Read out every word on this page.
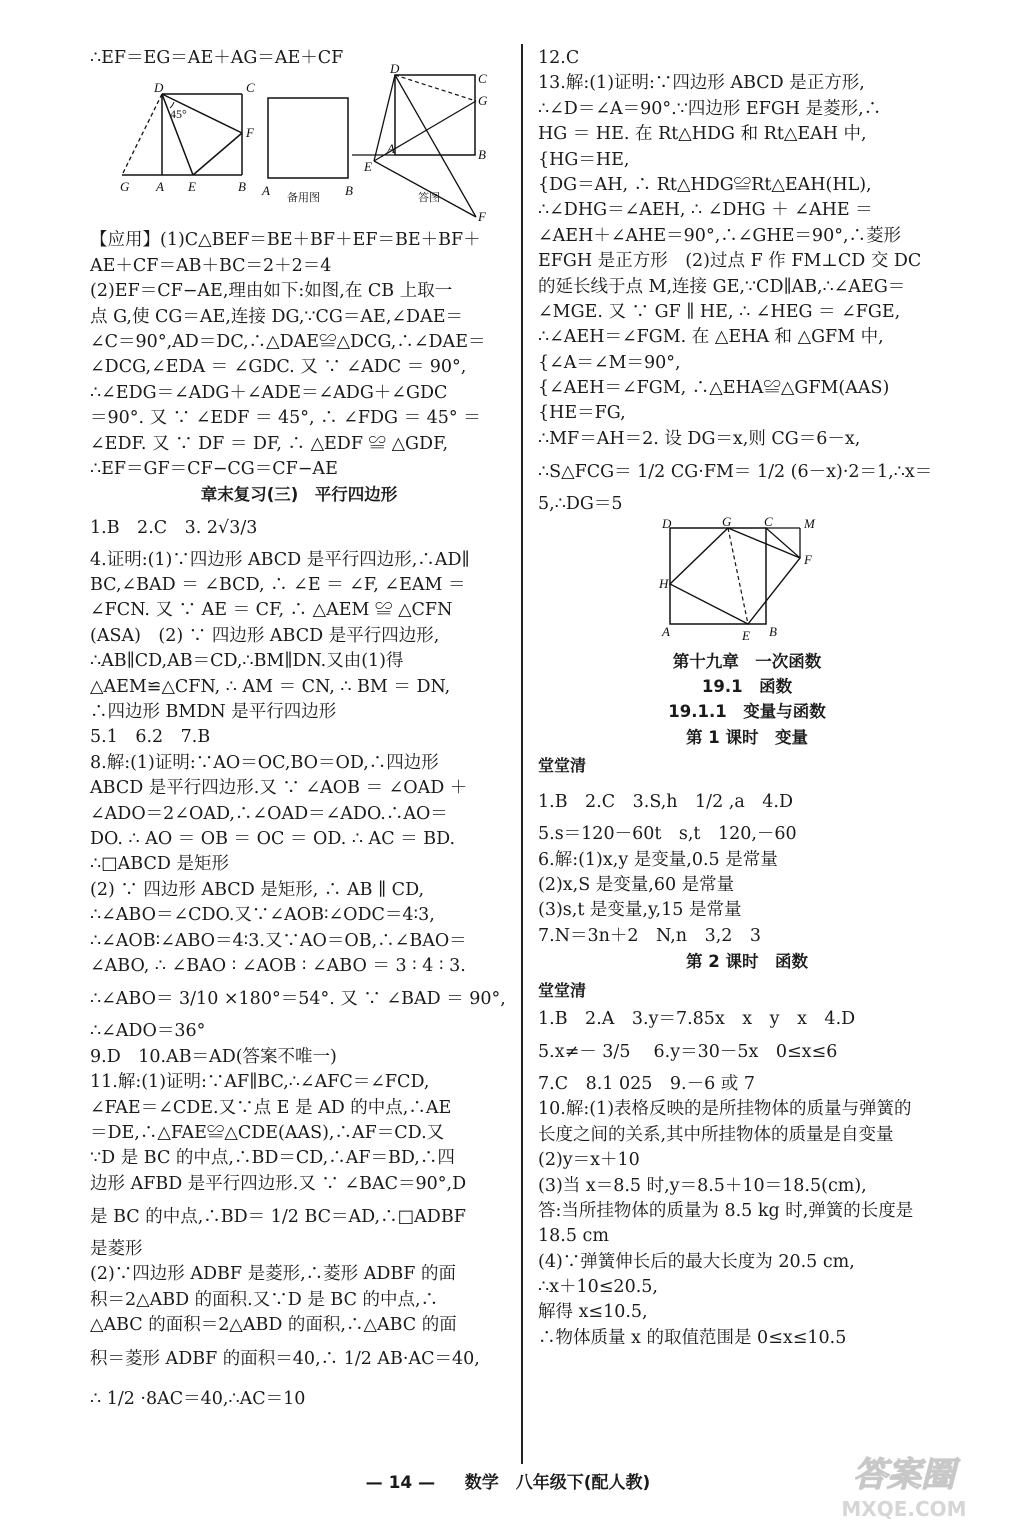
∴EF＝EG＝AE＋AG＝AE＋CF
D	C
F
G A E	B
45°
A	B
备用图
D
C
G
A	B
E
F
答图
【应用】(1)C△BEF＝BE＋BF＋EF＝BE＋BF＋
AE＋CF＝AB＋BC＝2＋2＝4
(2)EF＝CF−AE,理由如下:如图,在 CB 上取一
点 G,使 CG＝AE,连接 DG,∵CG＝AE,∠DAE＝
∠C＝90°,AD＝DC,∴△DAE≌△DCG,∴∠DAE＝
∠DCG,∠EDA ＝ ∠GDC. 又 ∵ ∠ADC ＝ 90°,
∴∠EDG＝∠ADG＋∠ADE＝∠ADG＋∠GDC
＝90°. 又 ∵ ∠EDF ＝ 45°, ∴ ∠FDG ＝ 45° ＝
∠EDF. 又 ∵ DF ＝ DF, ∴ △EDF ≌ △GDF,
∴EF＝GF＝CF−CG＝CF−AE
章末复习(三)　平行四边形
1.B　2.C　3. 2√3/3
4.证明:(1)∵四边形 ABCD 是平行四边形,∴AD∥
BC,∠BAD ＝ ∠BCD, ∴ ∠E ＝ ∠F, ∠EAM ＝
∠FCN. 又 ∵ AE ＝ CF, ∴ △AEM ≌ △CFN
(ASA)　(2) ∵ 四边形 ABCD 是平行四边形,
∴AB∥CD,AB＝CD,∴BM∥DN.又由(1)得
△AEM≌△CFN, ∴ AM ＝ CN, ∴ BM ＝ DN,
∴四边形 BMDN 是平行四边形
5.1　6.2　7.B
8.解:(1)证明:∵AO＝OC,BO＝OD,∴四边形
ABCD 是平行四边形.又 ∵ ∠AOB ＝ ∠OAD ＋
∠ADO＝2∠OAD,∴∠OAD＝∠ADO.∴AO＝
DO. ∴ AO ＝ OB ＝ OC ＝ OD. ∴ AC ＝ BD.
∴□ABCD 是矩形
(2) ∵ 四边形 ABCD 是矩形, ∴ AB ∥ CD,
∴∠ABO＝∠CDO.又∵∠AOB∶∠ODC＝4∶3,
∴∠AOB∶∠ABO＝4∶3.又∵AO＝OB,∴∠BAO＝
∠ABO, ∴ ∠BAO ∶ ∠AOB ∶ ∠ABO ＝ 3 ∶ 4 ∶ 3.
∴∠ABO＝ 3/10 ×180°＝54°. 又 ∵ ∠BAD ＝ 90°,
∴∠ADO＝36°
9.D　10.AB＝AD(答案不唯一)
11.解:(1)证明:∵AF∥BC,∴∠AFC＝∠FCD,
∠FAE＝∠CDE.又∵点 E 是 AD 的中点,∴AE
＝DE,∴△FAE≌△CDE(AAS),∴AF＝CD.又
∵D 是 BC 的中点,∴BD＝CD,∴AF＝BD,∴四
边形 AFBD 是平行四边形.又 ∵ ∠BAC＝90°,D
是 BC 的中点,∴BD＝ 1/2 BC＝AD,∴□ADBF
是菱形
(2)∵四边形 ADBF 是菱形,∴菱形 ADBF 的面
积＝2△ABD 的面积.又∵D 是 BC 的中点,∴
△ABC 的面积＝2△ABD 的面积,∴△ABC 的面
积＝菱形 ADBF 的面积＝40,∴ 1/2 AB·AC＝40,
∴ 1/2 ·8AC＝40,∴AC＝10
12.C
13.解:(1)证明:∵四边形 ABCD 是正方形,
∴∠D＝∠A＝90°.∵四边形 EFGH 是菱形,∴
HG ＝ HE. 在 Rt△HDG 和 Rt△EAH 中,
{HG＝HE,
{DG＝AH, ∴ Rt△HDG≌Rt△EAH(HL),
∴∠DHG＝∠AEH, ∴ ∠DHG ＋ ∠AHE ＝
∠AEH＋∠AHE＝90°,∴∠GHE＝90°,∴菱形
EFGH 是正方形　(2)过点 F 作 FM⊥CD 交 DC
的延长线于点 M,连接 GE,∵CD∥AB,∴∠AEG＝
∠MGE. 又 ∵ GF ∥ HE, ∴ ∠HEG ＝ ∠FGE,
∴∠AEH＝∠FGM. 在 △EHA 和 △GFM 中,
{∠A＝∠M＝90°,
{∠AEH＝∠FGM, ∴△EHA≌△GFM(AAS)
{HE＝FG,
∴MF＝AH＝2. 设 DG＝x,则 CG＝6－x,
∴S△FCG＝ 1/2 CG·FM＝ 1/2 (6－x)·2＝1,∴x＝
5,∴DG＝5
D	G	C M
H
F
A	E B
第十九章　一次函数
19.1　函数
19.1.1　变量与函数
第 1 课时　变量
堂堂清
1.B　2.C　3.S,h　1/2 ,a　4.D
5.s＝120－60t　s,t　120,－60
6.解:(1)x,y 是变量,0.5 是常量
(2)x,S 是变量,60 是常量
(3)s,t 是变量,y,15 是常量
7.N＝3n＋2　N,n　3,2　3
第 2 课时　函数
堂堂清
1.B　2.A　3.y＝7.85x　x　y　x　4.D
5.x≠－ 3/5 　6.y＝30－5x　0≤x≤6
7.C　8.1 025　9.－6 或 7
10.解:(1)表格反映的是所挂物体的质量与弹簧的
长度之间的关系,其中所挂物体的质量是自变量
(2)y＝x＋10
(3)当 x＝8.5 时,y＝8.5＋10＝18.5(cm),
答:当所挂物体的质量为 8.5 kg 时,弹簧的长度是
18.5 cm
(4)∵弹簧伸长后的最大长度为 20.5 cm,
∴x＋10≤20.5,
解得 x≤10.5,
∴物体质量 x 的取值范围是 0≤x≤10.5
— 14 — 数学　八年级下(配人教)	答案圈
MXQE.COM
